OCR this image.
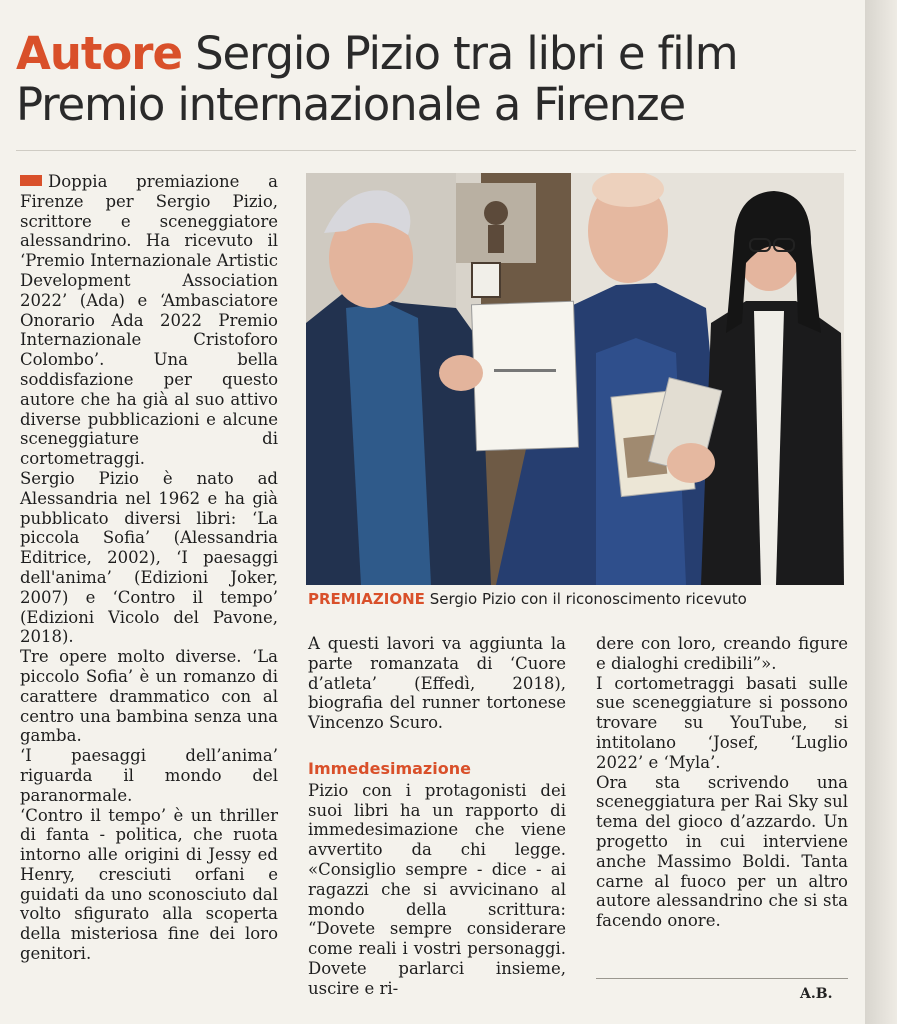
Autore Sergio Pizio tra libri e film
Premio internazionale a Firenze

Doppia premiazione a Firenze per Sergio Pizio, scrittore e sceneggiatore alessandrino. Ha ricevuto il ‘Premio Internazionale Artistic Development Association 2022’ (Ada) e ‘Ambasciatore Onorario Ada 2022 Premio Internazionale Cristoforo Colombo’. Una bella soddisfazione per questo autore che ha già al suo attivo diverse pubblicazioni e alcune sceneggiature di cortometraggi.

Sergio Pizio è nato ad Alessandria nel 1962 e ha già pubblicato diversi libri: ‘La piccola Sofia’ (Alessandria Editrice, 2002), ‘I paesaggi dell'anima’ (Edizioni Joker, 2007) e ‘Contro il tempo’ (Edizioni Vicolo del Pavone, 2018).

Tre opere molto diverse. ‘La piccolo Sofia’ è un romanzo di carattere drammatico con al centro una bambina senza una gamba.

‘I paesaggi dell’anima’ riguarda il mondo del paranormale.

‘Contro il tempo’ è un thriller di fanta - politica, che ruota intorno alle origini di Jessy ed Henry, cresciuti orfani e guidati da uno sconosciuto dal volto sfigurato alla scoperta della misteriosa fine dei loro genitori.

PREMIAZIONE Sergio Pizio con il riconoscimento ricevuto

A questi lavori va aggiunta la parte romanzata di ‘Cuore d’atleta’ (Effedì, 2018), biografia del runner tortonese Vincenzo Scuro.

Immedesimazione

Pizio con i protagonisti dei suoi libri ha un rapporto di immedesimazione che viene avvertito da chi legge. «Consiglio sempre - dice - ai ragazzi che si avvicinano al mondo della scrittura: “Dovete sempre considerare come reali i vostri personaggi. Dovete parlarci insieme, uscire e ri-

dere con loro, creando figure e dialoghi credibili”».

I cortometraggi basati sulle sue sceneggiature si possono trovare su YouTube, si intitolano ‘Josef, ‘Luglio 2022’ e ‘Myla’.

Ora sta scrivendo una sceneggiatura per Rai Sky sul tema del gioco d’azzardo. Un progetto in cui interviene anche Massimo Boldi. Tanta carne al fuoco per un altro autore alessandrino che si sta facendo onore.

A.B.
